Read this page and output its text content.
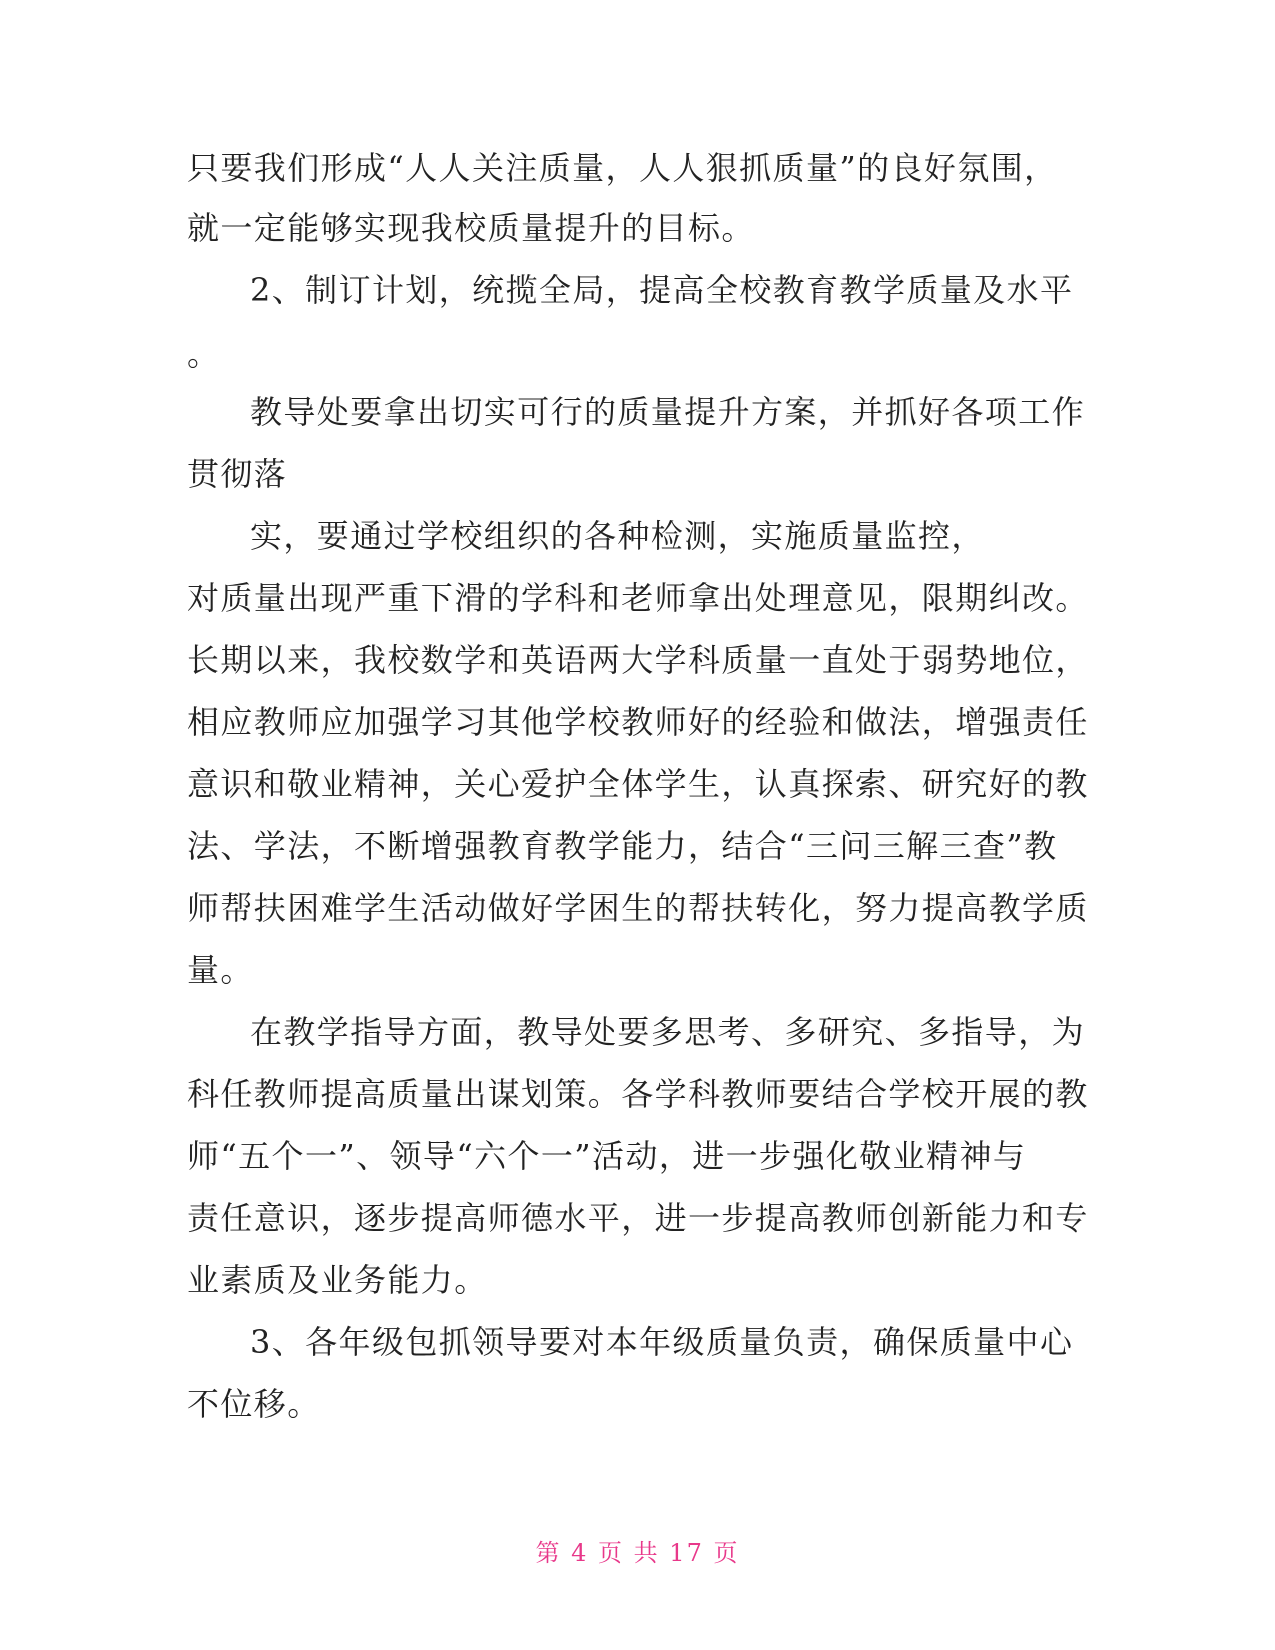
只要我们形成“人人关注质量，人人狠抓质量”的良好氛围，
就一定能够实现我校质量提升的目标。
2、制订计划，统揽全局，提高全校教育教学质量及水平
。
教导处要拿出切实可行的质量提升方案，并抓好各项工作
贯彻落
实，要通过学校组织的各种检测，实施质量监控，
对质量出现严重下滑的学科和老师拿出处理意见，限期纠改。
长期以来，我校数学和英语两大学科质量一直处于弱势地位，
相应教师应加强学习其他学校教师好的经验和做法，增强责任
意识和敬业精神，关心爱护全体学生，认真探索、研究好的教
法、学法，不断增强教育教学能力，结合“三问三解三查”教
师帮扶困难学生活动做好学困生的帮扶转化，努力提高教学质
量。
在教学指导方面，教导处要多思考、多研究、多指导，为
科任教师提高质量出谋划策。各学科教师要结合学校开展的教
师“五个一”、领导“六个一”活动，进一步强化敬业精神与
责任意识，逐步提高师德水平，进一步提高教师创新能力和专
业素质及业务能力。
3、各年级包抓领导要对本年级质量负责，确保质量中心
不位移。
第 4 页 共 17 页
